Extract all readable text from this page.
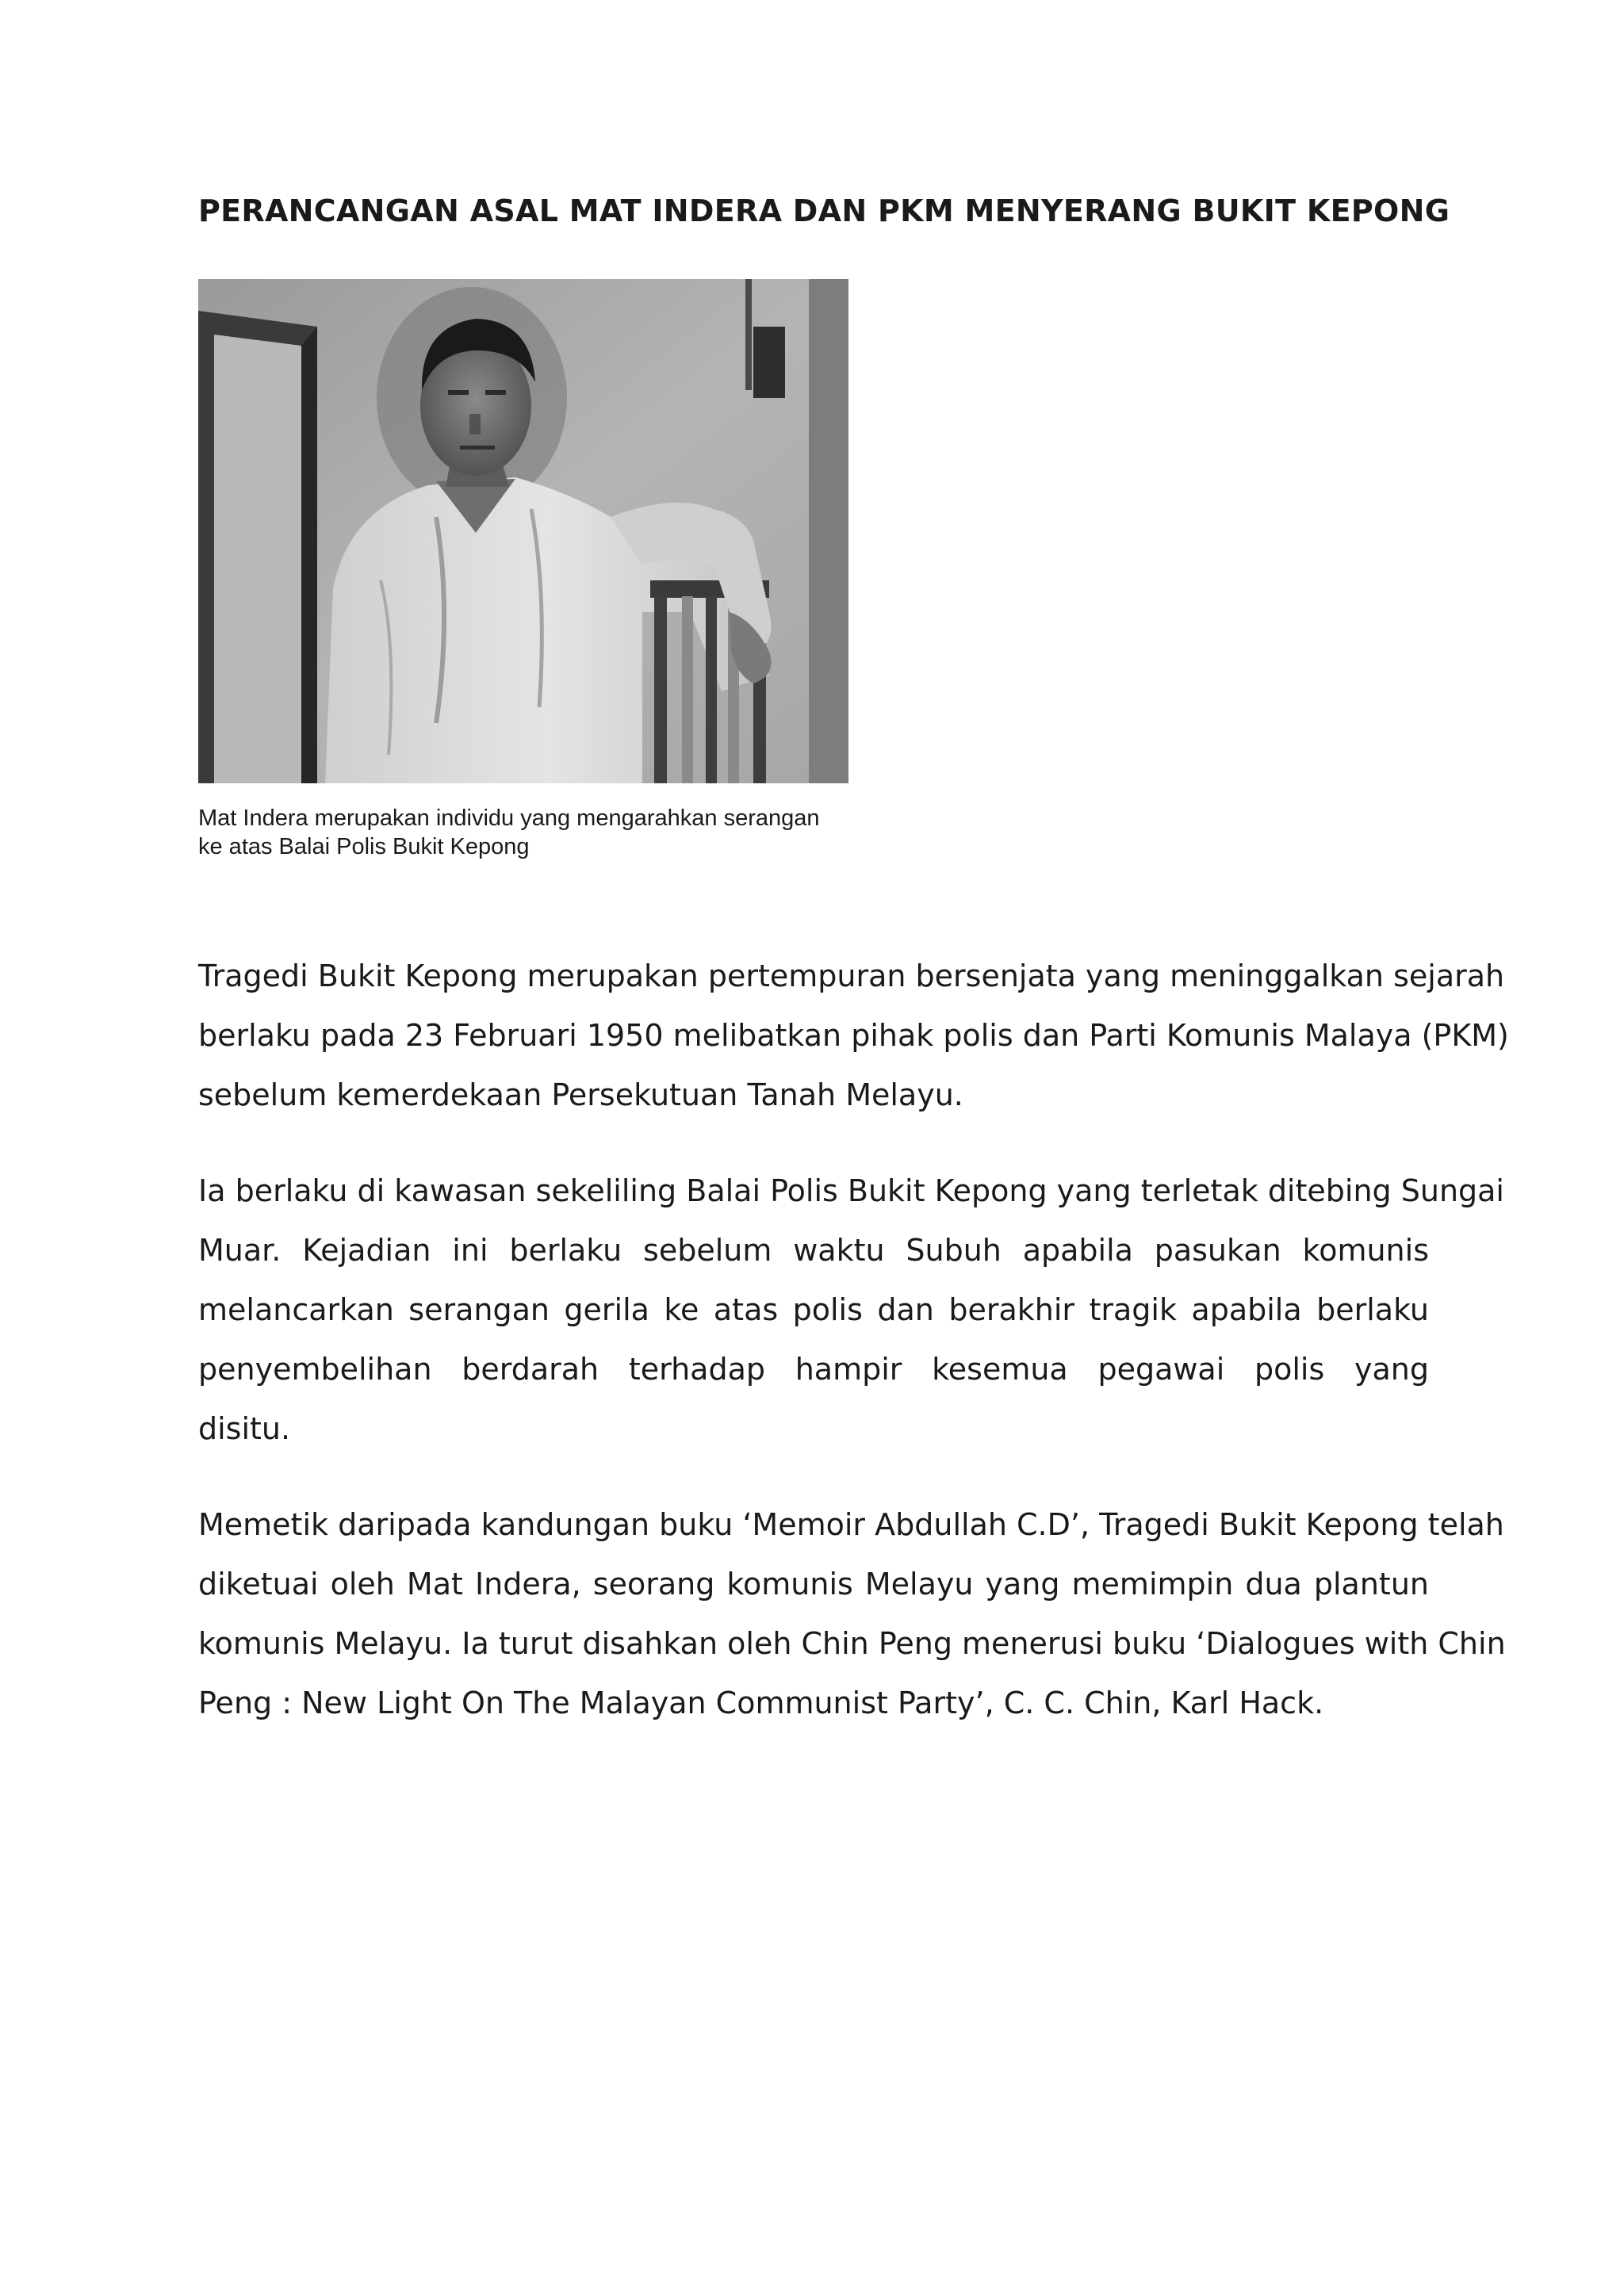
PERANCANGAN ASAL MAT INDERA DAN PKM MENYERANG BUKIT KEPONG
Mat Indera merupakan individu yang mengarahkan serangan
ke atas Balai Polis Bukit Kepong

Tragedi Bukit Kepong merupakan pertempuran bersenjata yang meninggalkan sejarah
berlaku pada 23 Februari 1950 melibatkan pihak polis dan Parti Komunis Malaya (PKM)
sebelum kemerdekaan Persekutuan Tanah Melayu.

Ia berlaku di kawasan sekeliling Balai Polis Bukit Kepong yang terletak ditebing Sungai
Muar. Kejadian ini berlaku sebelum waktu Subuh apabila pasukan komunis
melancarkan serangan gerila ke atas polis dan berakhir tragik apabila berlaku
penyembelihan berdarah terhadap hampir kesemua pegawai polis yang
disitu.

Memetik daripada kandungan buku ‘Memoir Abdullah C.D’, Tragedi Bukit Kepong telah
diketuai oleh Mat Indera, seorang komunis Melayu yang memimpin dua plantun
komunis Melayu. Ia turut disahkan oleh Chin Peng menerusi buku ‘Dialogues with Chin
Peng : New Light On The Malayan Communist Party’, C. C. Chin, Karl Hack.
